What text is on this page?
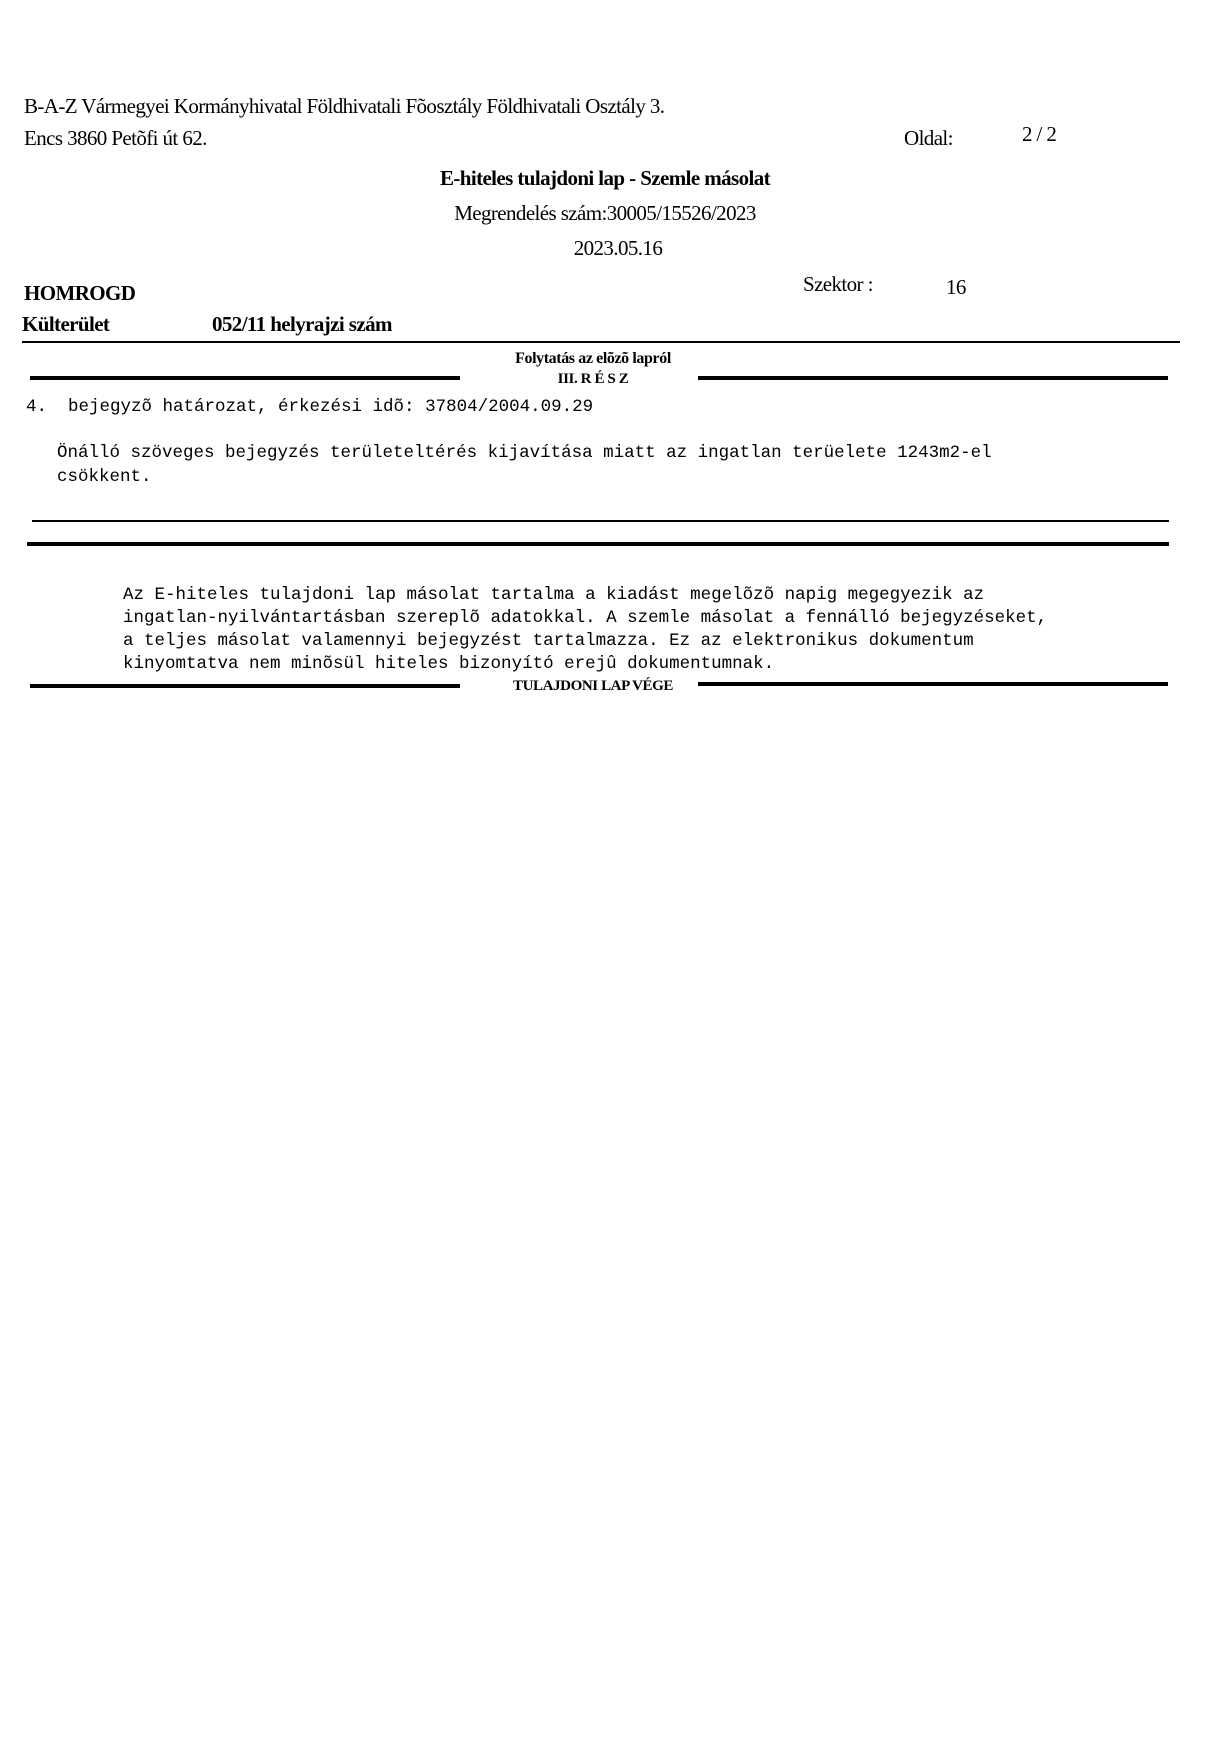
B-A-Z Vármegyei Kormányhivatal Földhivatali Fõosztály Földhivatali Osztály 3.
Encs 3860 Petõfi út 62.	Oldal:	2 / 2
E-hiteles tulajdoni lap - Szemle másolat
Megrendelés szám:30005/15526/2023
2023.05.16
HOMROGD	Szektor :	16
Külterület	052/11 helyrajzi szám
Folytatás az elõzõ lapról
III. R É S Z
4.  bejegyzõ határozat, érkezési idõ: 37804/2004.09.29
Önálló szöveges bejegyzés területeltérés kijavítása miatt az ingatlan terüelete 1243m2-el
csökkent.
Az E-hiteles tulajdoni lap másolat tartalma a kiadást megelõzõ napig megegyezik az
ingatlan-nyilvántartásban szereplõ adatokkal. A szemle másolat a fennálló bejegyzéseket,
a teljes másolat valamennyi bejegyzést tartalmazza. Ez az elektronikus dokumentum
kinyomtatva nem minõsül hiteles bizonyító erejû dokumentumnak.
TULAJDONI LAP VÉGE
